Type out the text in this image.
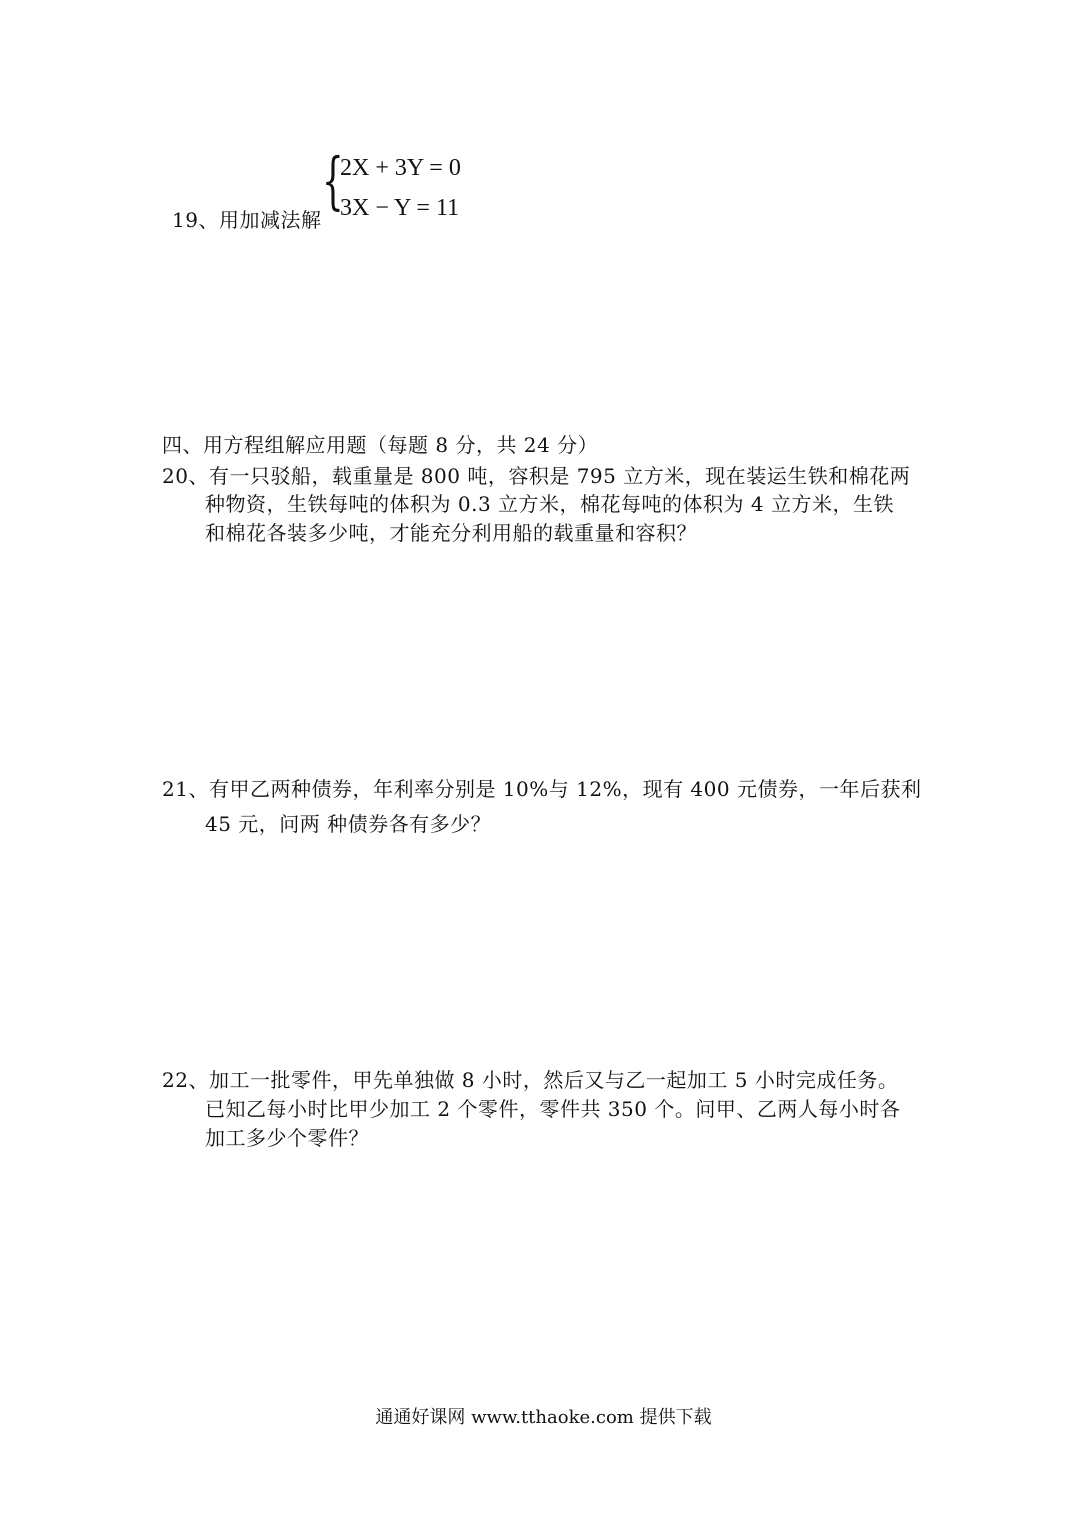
19、用加减法解
{
2X + 3Y = 0
3X − Y = 11
四、用方程组解应用题（每题 8 分，共 24 分）
20、有一只驳船，载重量是 800 吨，容积是 795 立方米，现在装运生铁和棉花两
种物资，生铁每吨的体积为 0.3 立方米，棉花每吨的体积为 4 立方米，生铁
和棉花各装多少吨，才能充分利用船的载重量和容积？
21、有甲乙两种债券，年利率分别是 10%与 12%，现有 400 元债券，一年后获利
45 元，问两 种债券各有多少？
22、加工一批零件，甲先单独做 8 小时，然后又与乙一起加工 5 小时完成任务。
已知乙每小时比甲少加工 2 个零件，零件共 350 个。问甲、乙两人每小时各
加工多少个零件？
通通好课网 www.tthaoke.com 提供下载
